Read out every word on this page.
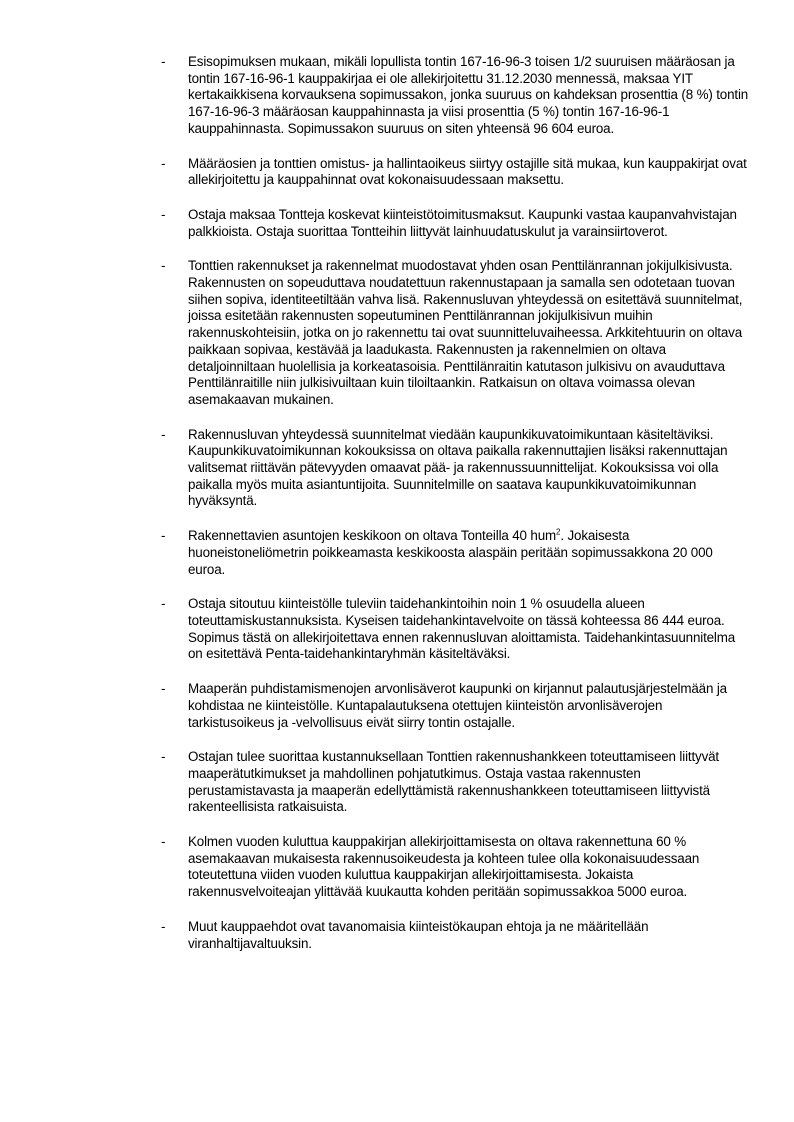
-	Esisopimuksen mukaan, mikäli lopullista tontin 167-16-96-3 toisen 1/2 suuruisen määräosan ja tontin 167-16-96-1 kauppakirjaa ei ole allekirjoitettu 31.12.2030 mennessä, maksaa YIT kertakaikkisena korvauksena sopimussakon, jonka suuruus on kahdeksan prosenttia (8 %) tontin 167-16-96-3 määräosan kauppahinnasta ja viisi prosenttia (5 %) tontin 167-16-96-1 kauppahinnasta. Sopimussakon suuruus on siten yhteensä 96 604 euroa.
-	Määräosien ja tonttien omistus- ja hallintaoikeus siirtyy ostajille sitä mukaa, kun kauppakirjat ovat allekirjoitettu ja kauppahinnat ovat kokonaisuudessaan maksettu.
-	Ostaja maksaa Tontteja koskevat kiinteistötoimitusmaksut. Kaupunki vastaa kaupanvahvistajan palkkioista. Ostaja suorittaa Tontteihin liittyvät lainhuudatuskulut ja varainsiirtoverot.
-	Tonttien rakennukset ja rakennelmat muodostavat yhden osan Penttilänrannan jokijulkisivusta. Rakennusten on sopeuduttava noudatettuun rakennustapaan ja samalla sen odotetaan tuovan siihen sopiva, identiteetiltään vahva lisä. Rakennusluvan yhteydessä on esitettävä suunnitelmat, joissa esitetään rakennusten sopeutuminen Penttilänrannan jokijulkisivun muihin rakennuskohteisiin, jotka on jo rakennettu tai ovat suunnitteluvaiheessa. Arkkitehtuurin on oltava paikkaan sopivaa, kestävää ja laadukasta. Rakennusten ja rakennelmien on oltava detaljoinniltaan huolellisia ja korkeatasoisia. Penttilänraitin katutason julkisivu on avauduttava Penttilänraitille niin julkisivuiltaan kuin tiloiltaankin. Ratkaisun on oltava voimassa olevan asemakaavan mukainen.
-	Rakennusluvan yhteydessä suunnitelmat viedään kaupunkikuvatoimikuntaan käsiteltäviksi. Kaupunkikuvatoimikunnan kokouksissa on oltava paikalla rakennuttajien lisäksi rakennuttajan valitsemat riittävän pätevyyden omaavat pää- ja rakennussuunnittelijat. Kokouksissa voi olla paikalla myös muita asiantuntijoita. Suunnitelmille on saatava kaupunkikuvatoimikunnan hyväksyntä.
-	Rakennettavien asuntojen keskikoon on oltava Tonteilla 40 hum$^2$. Jokaisesta huoneistoneliömetrin poikkeamasta keskikoosta alaspäin peritään sopimussakkona 20 000 euroa.
-	Ostaja sitoutuu kiinteistölle tuleviin taidehankintoihin noin 1 % osuudella alueen toteuttamiskustannuksista. Kyseisen taidehankintavelvoite on tässä kohteessa 86 444 euroa. Sopimus tästä on allekirjoitettava ennen rakennusluvan aloittamista. Taidehankintasuunnitelma on esitettävä Penta-taidehankintaryhmän käsiteltäväksi.
-	Maaperän puhdistamismenojen arvonlisäverot kaupunki on kirjannut palautusjärjestelmään ja kohdistaa ne kiinteistölle. Kuntapalautuksena otettujen kiinteistön arvonlisäverojen tarkistusoikeus ja -velvollisuus eivät siirry tontin ostajalle.
-	Ostajan tulee suorittaa kustannuksellaan Tonttien rakennushankkeen toteuttamiseen liittyvät maaperätutkimukset ja mahdollinen pohjatutkimus. Ostaja vastaa rakennusten perustamistavasta ja maaperän edellyttämistä rakennushankkeen toteuttamiseen liittyvistä rakenteellisista ratkaisuista.
-	Kolmen vuoden kuluttua kauppakirjan allekirjoittamisesta on oltava rakennettuna 60 % asemakaavan mukaisesta rakennusoikeudesta ja kohteen tulee olla kokonaisuudessaan toteutettuna viiden vuoden kuluttua kauppakirjan allekirjoittamisesta. Jokaista rakennusvelvoiteajan ylittävää kuukautta kohden peritään sopimussakkoa 5000 euroa.
-	Muut kauppaehdot ovat tavanomaisia kiinteistökaupan ehtoja ja ne määritellään viranhaltijavaltuuksin.
